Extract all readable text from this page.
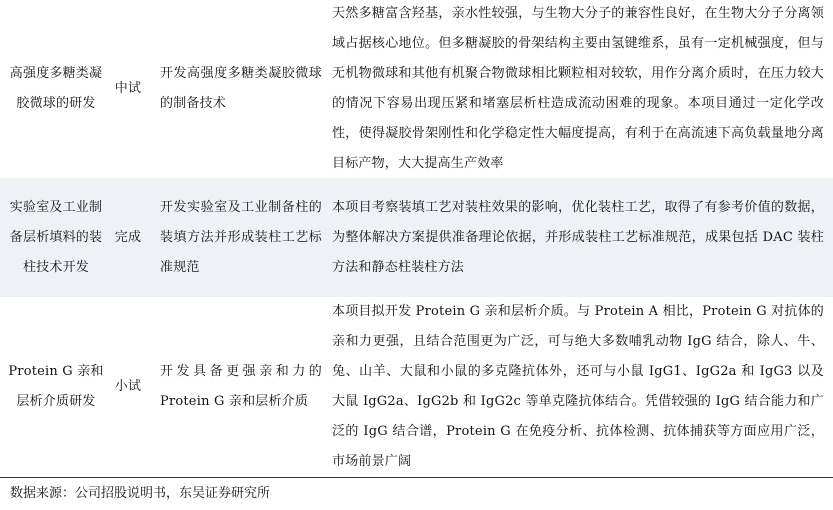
高强度多糖类凝胶微球的研发
中试
开发高强度多糖类凝胶微球的制备技术
天然多糖富含羟基，亲水性较强，与生物大分子的兼容性良好，在生物大分子分离领域占据核心地位。但多糖凝胶的骨架结构主要由氢键维系，虽有一定机械强度，但与无机物微球和其他有机聚合物微球相比颗粒相对较软，用作分离介质时，在压力较大的情况下容易出现压紧和堵塞层析柱造成流动困难的现象。本项目通过一定化学改性，使得凝胶骨架刚性和化学稳定性大幅度提高，有利于在高流速下高负载量地分离目标产物，大大提高生产效率
实验室及工业制备层析填料的装柱技术开发
完成
开发实验室及工业制备柱的装填方法并形成装柱工艺标准规范
本项目考察装填工艺对装柱效果的影响，优化装柱工艺，取得了有参考价值的数据，为整体解决方案提供准备理论依据，并形成装柱工艺标准规范，成果包括 DAC 装柱方法和静态柱装柱方法
Protein G 亲和层析介质研发
小试
开发具备更强亲和力的 Protein G 亲和层析介质
本项目拟开发 Protein G 亲和层析介质。与 Protein A 相比，Protein G 对抗体的亲和力更强，且结合范围更为广泛，可与绝大多数哺乳动物 IgG 结合，除人、牛、兔、山羊、大鼠和小鼠的多克隆抗体外，还可与小鼠 IgG1、IgG2a 和 IgG3 以及大鼠 IgG2a、IgG2b 和 IgG2c 等单克隆抗体结合。凭借较强的 IgG 结合能力和广泛的 IgG 结合谱，Protein G 在免疫分析、抗体检测、抗体捕获等方面应用广泛，市场前景广阔
数据来源：公司招股说明书，东吴证券研究所
